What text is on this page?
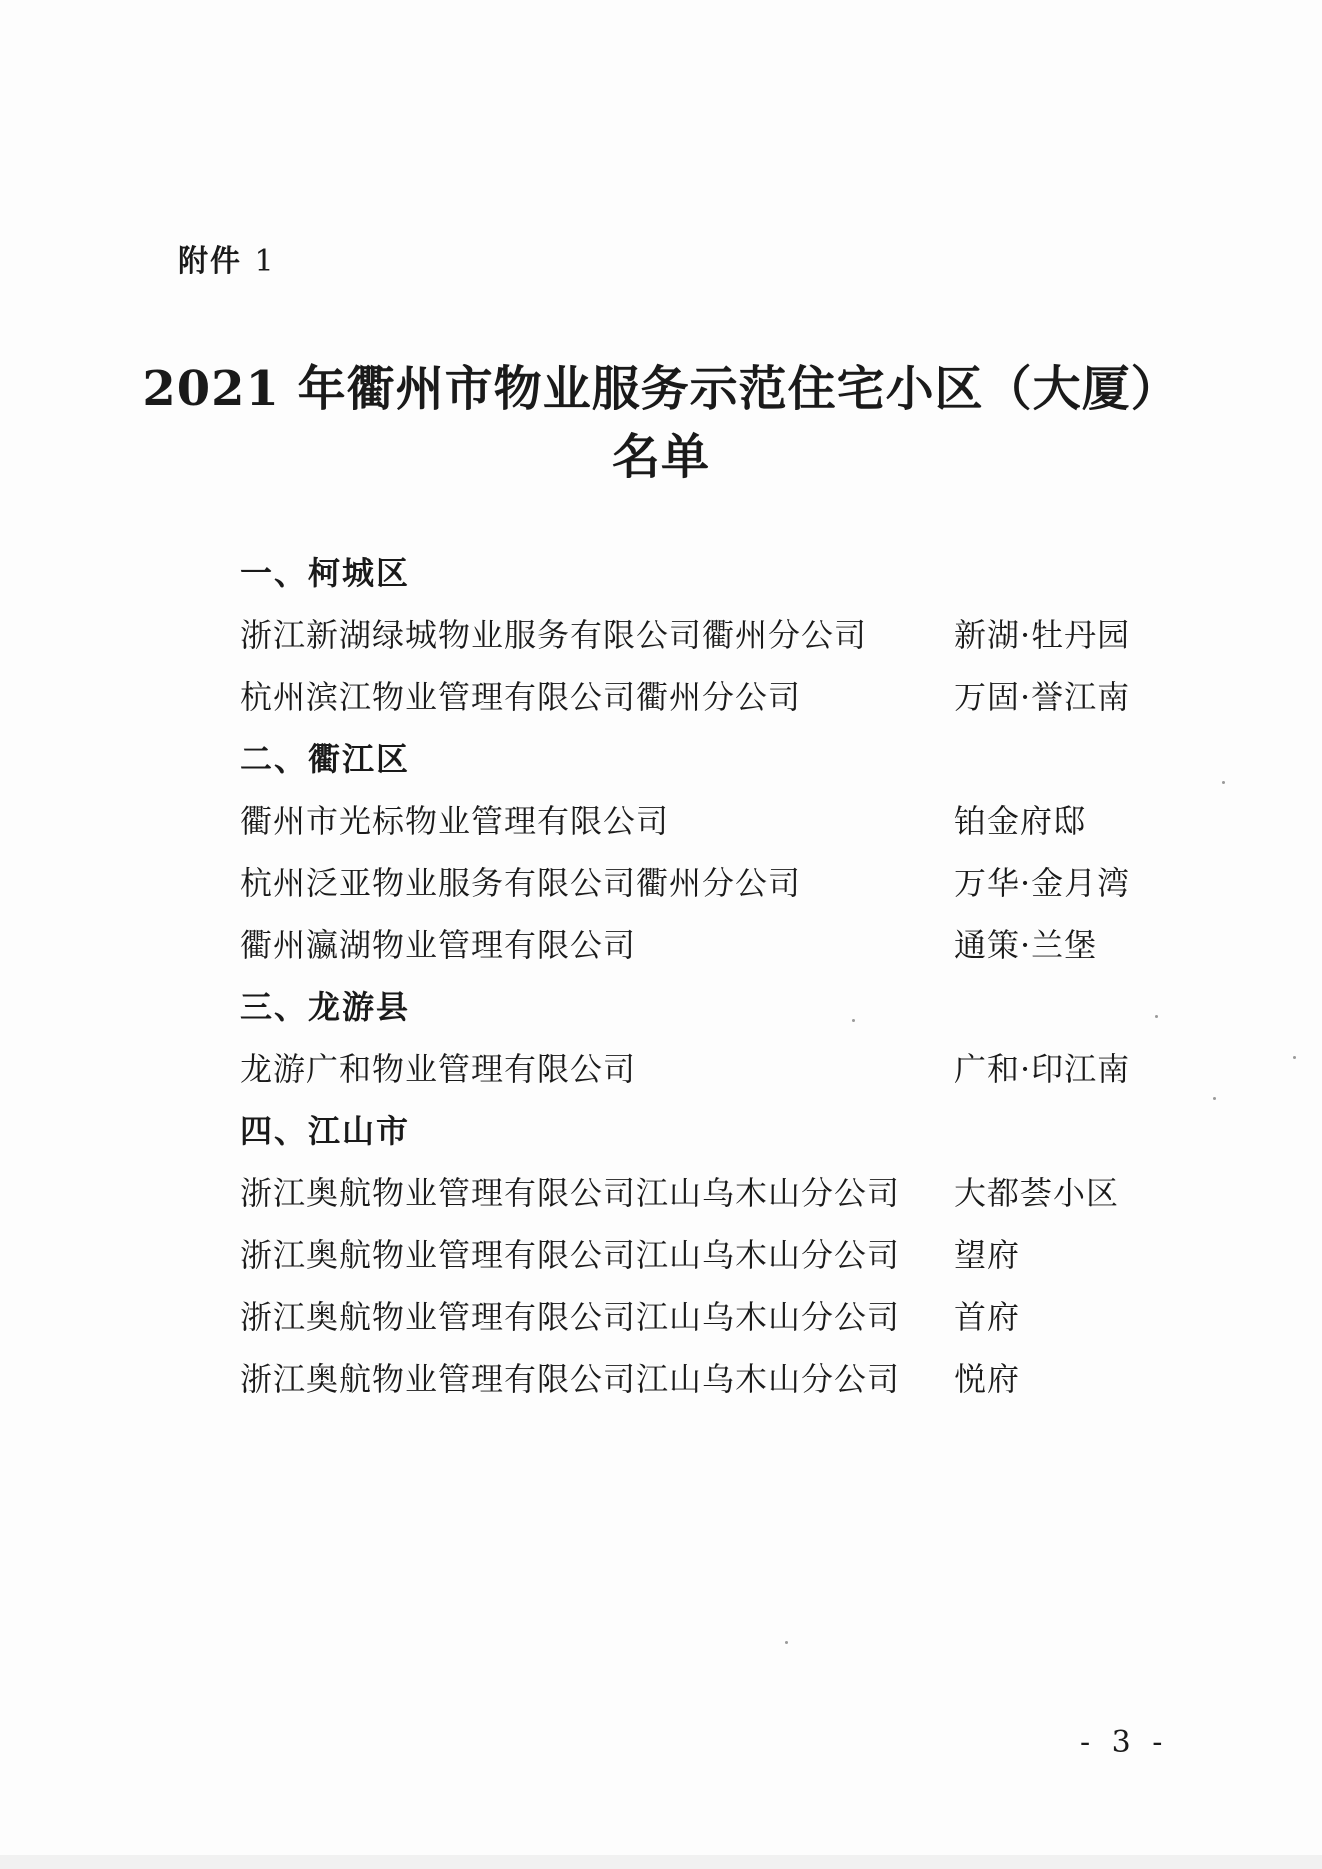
附件 1
2021 年衢州市物业服务示范住宅小区（大厦）
名单
一、柯城区
浙江新湖绿城物业服务有限公司衢州分公司	新湖·牡丹园
杭州滨江物业管理有限公司衢州分公司	万固·誉江南
二、衢江区
衢州市光标物业管理有限公司	铂金府邸
杭州泛亚物业服务有限公司衢州分公司	万华·金月湾
衢州瀛湖物业管理有限公司	通策·兰堡
三、龙游县
龙游广和物业管理有限公司	广和·印江南
四、江山市
浙江奥航物业管理有限公司江山乌木山分公司 大都荟小区
浙江奥航物业管理有限公司江山乌木山分公司 望府
浙江奥航物业管理有限公司江山乌木山分公司 首府
浙江奥航物业管理有限公司江山乌木山分公司 悦府
- 3 -
